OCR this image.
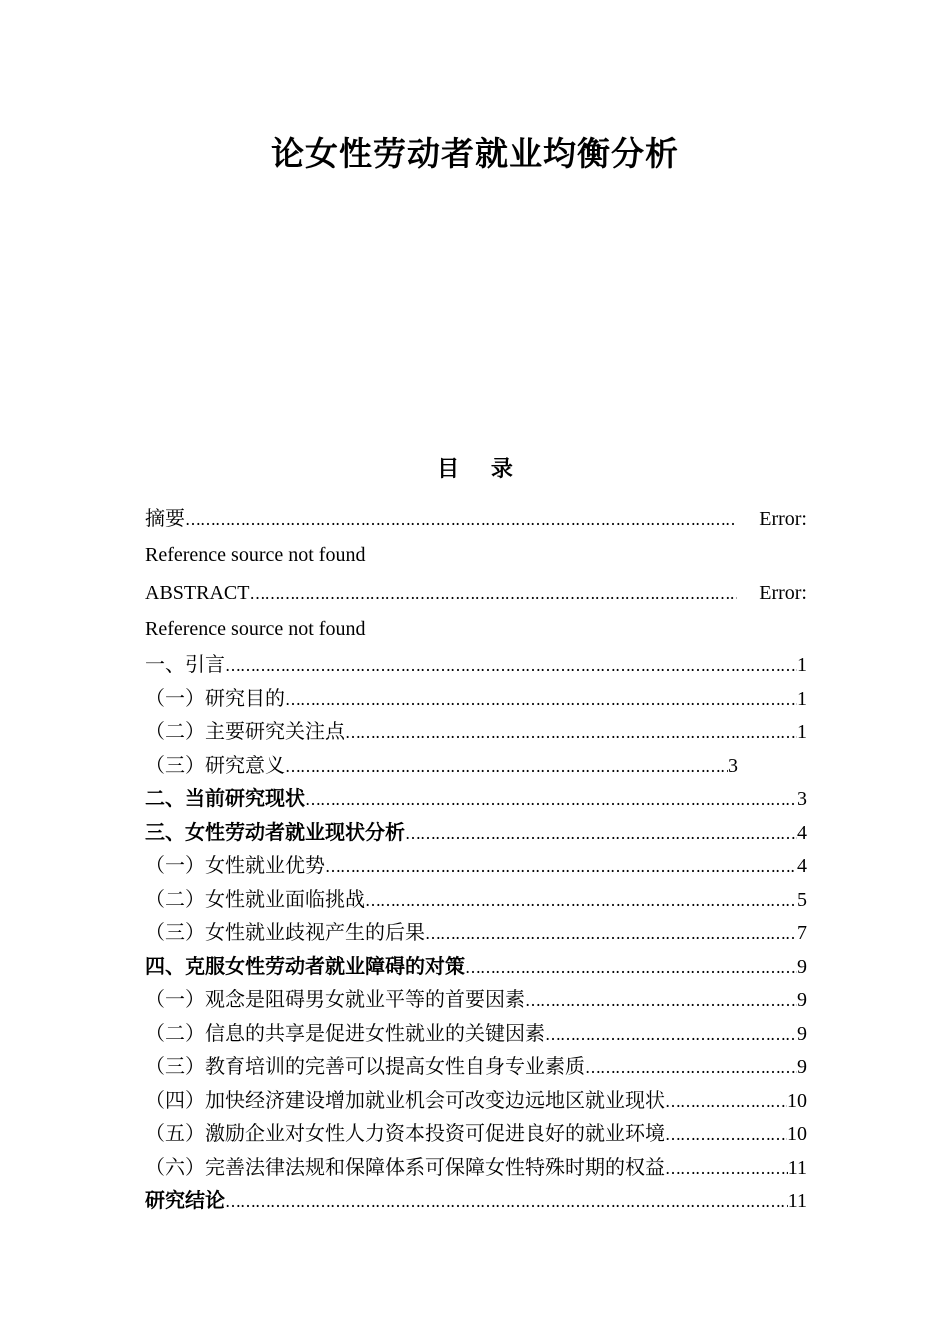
论女性劳动者就业均衡分析
目 录
摘要 ……………………………………………………………………………………………………………………………………………………	Error:
Reference source not found
ABSTRACT ……………………………………………………………………………………………………………………………………………………	Error:
Reference source not found
一、引言 ……………………………………………………………………………………………………………………………………………………	1
（一）研究目的 ……………………………………………………………………………………………………………………………………………………	1
（二）主要研究关注点 ……………………………………………………………………………………………………………………………………………………	1
（三）研究意义 ……………………………………………………………………………………………………………………………………………………	3
二、当前研究现状 ……………………………………………………………………………………………………………………………………………………	3
三、女性劳动者就业现状分析 ……………………………………………………………………………………………………………………………………………………	4
（一）女性就业优势 ……………………………………………………………………………………………………………………………………………………	4
（二）女性就业面临挑战 ……………………………………………………………………………………………………………………………………………………	5
（三）女性就业歧视产生的后果 ……………………………………………………………………………………………………………………………………………………	7
四、克服女性劳动者就业障碍的对策 ……………………………………………………………………………………………………………………………………………………	9
（一）观念是阻碍男女就业平等的首要因素 ……………………………………………………………………………………………………………………………………………………	9
（二）信息的共享是促进女性就业的关键因素 ……………………………………………………………………………………………………………………………………………………	9
（三）教育培训的完善可以提高女性自身专业素质 ……………………………………………………………………………………………………………………………………………………	9
（四）加快经济建设增加就业机会可改变边远地区就业现状 ……………………………………………………………………………………………………………………………………………………	10
（五）激励企业对女性人力资本投资可促进良好的就业环境 ……………………………………………………………………………………………………………………………………………………	10
（六）完善法律法规和保障体系可保障女性特殊时期的权益 ……………………………………………………………………………………………………………………………………………………	11
研究结论 ……………………………………………………………………………………………………………………………………………………	11
